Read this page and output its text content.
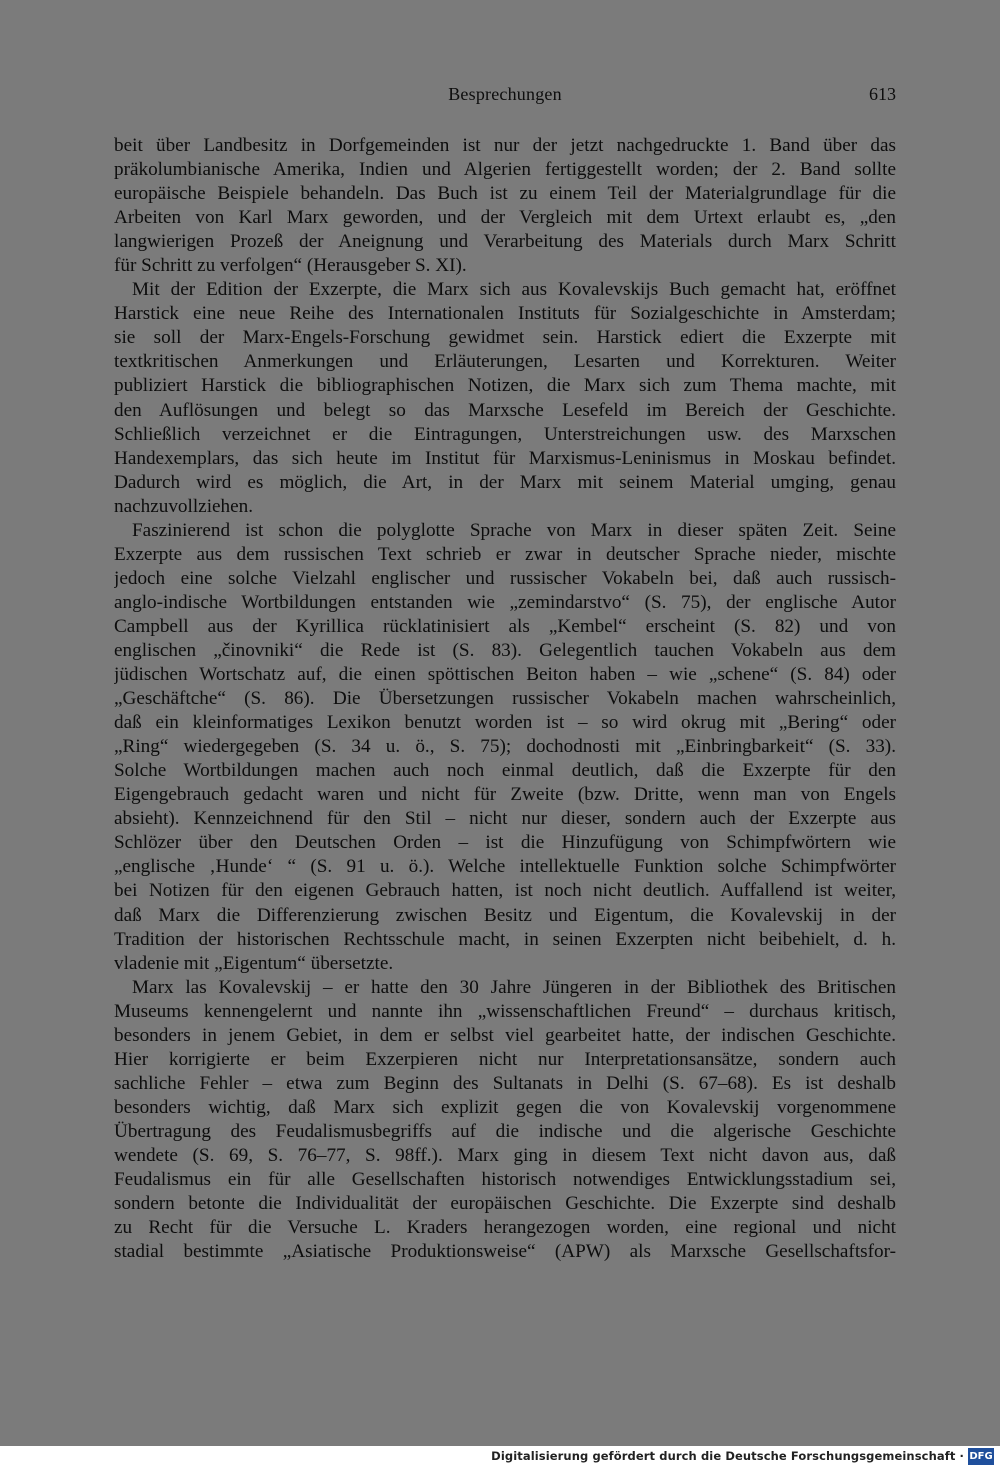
Besprechungen	613
beit über Landbesitz in Dorfgemeinden ist nur der jetzt nachgedruckte 1. Band über das
präkolumbianische Amerika, Indien und Algerien fertiggestellt worden; der 2. Band sollte
europäische Beispiele behandeln. Das Buch ist zu einem Teil der Materialgrundlage für die
Arbeiten von Karl Marx geworden, und der Vergleich mit dem Urtext erlaubt es, „den
langwierigen Prozeß der Aneignung und Verarbeitung des Materials durch Marx Schritt
für Schritt zu verfolgen“ (Herausgeber S. XI).
Mit der Edition der Exzerpte, die Marx sich aus Kovalevskijs Buch gemacht hat, eröffnet
Harstick eine neue Reihe des Internationalen Instituts für Sozialgeschichte in Amsterdam;
sie soll der Marx-Engels-Forschung gewidmet sein. Harstick ediert die Exzerpte mit
textkritischen Anmerkungen und Erläuterungen, Lesarten und Korrekturen. Weiter
publiziert Harstick die bibliographischen Notizen, die Marx sich zum Thema machte, mit
den Auflösungen und belegt so das Marxsche Lesefeld im Bereich der Geschichte.
Schließlich verzeichnet er die Eintragungen, Unterstreichungen usw. des Marxschen
Handexemplars, das sich heute im Institut für Marxismus-Leninismus in Moskau befindet.
Dadurch wird es möglich, die Art, in der Marx mit seinem Material umging, genau
nachzuvollziehen.
Faszinierend ist schon die polyglotte Sprache von Marx in dieser späten Zeit. Seine
Exzerpte aus dem russischen Text schrieb er zwar in deutscher Sprache nieder, mischte
jedoch eine solche Vielzahl englischer und russischer Vokabeln bei, daß auch russisch-
anglo-indische Wortbildungen entstanden wie „zemindarstvo“ (S. 75), der englische Autor
Campbell aus der Kyrillica rücklatinisiert als „Kembel“ erscheint (S. 82) und von
englischen „činovniki“ die Rede ist (S. 83). Gelegentlich tauchen Vokabeln aus dem
jüdischen Wortschatz auf, die einen spöttischen Beiton haben – wie „schene“ (S. 84) oder
„Geschäftche“ (S. 86). Die Übersetzungen russischer Vokabeln machen wahrscheinlich,
daß ein kleinformatiges Lexikon benutzt worden ist – so wird okrug mit „Bering“ oder
„Ring“ wiedergegeben (S. 34 u. ö., S. 75); dochodnosti mit „Einbringbarkeit“ (S. 33).
Solche Wortbildungen machen auch noch einmal deutlich, daß die Exzerpte für den
Eigengebrauch gedacht waren und nicht für Zweite (bzw. Dritte, wenn man von Engels
absieht). Kennzeichnend für den Stil – nicht nur dieser, sondern auch der Exzerpte aus
Schlözer über den Deutschen Orden – ist die Hinzufügung von Schimpfwörtern wie
„englische ‚Hunde‘ “ (S. 91 u. ö.). Welche intellektuelle Funktion solche Schimpfwörter
bei Notizen für den eigenen Gebrauch hatten, ist noch nicht deutlich. Auffallend ist weiter,
daß Marx die Differenzierung zwischen Besitz und Eigentum, die Kovalevskij in der
Tradition der historischen Rechtsschule macht, in seinen Exzerpten nicht beibehielt, d. h.
vladenie mit „Eigentum“ übersetzte.
Marx las Kovalevskij – er hatte den 30 Jahre Jüngeren in der Bibliothek des Britischen
Museums kennengelernt und nannte ihn „wissenschaftlichen Freund“ – durchaus kritisch,
besonders in jenem Gebiet, in dem er selbst viel gearbeitet hatte, der indischen Geschichte.
Hier korrigierte er beim Exzerpieren nicht nur Interpretationsansätze, sondern auch
sachliche Fehler – etwa zum Beginn des Sultanats in Delhi (S. 67–68). Es ist deshalb
besonders wichtig, daß Marx sich explizit gegen die von Kovalevskij vorgenommene
Übertragung des Feudalismusbegriffs auf die indische und die algerische Geschichte
wendete (S. 69, S. 76–77, S. 98ff.). Marx ging in diesem Text nicht davon aus, daß
Feudalismus ein für alle Gesellschaften historisch notwendiges Entwicklungsstadium sei,
sondern betonte die Individualität der europäischen Geschichte. Die Exzerpte sind deshalb
zu Recht für die Versuche L. Kraders herangezogen worden, eine regional und nicht
stadial bestimmte „Asiatische Produktionsweise“ (APW) als Marxsche Gesellschaftsfor-
Digitalisierung gefördert durch die Deutsche Forschungsgemeinschaft · DFG
